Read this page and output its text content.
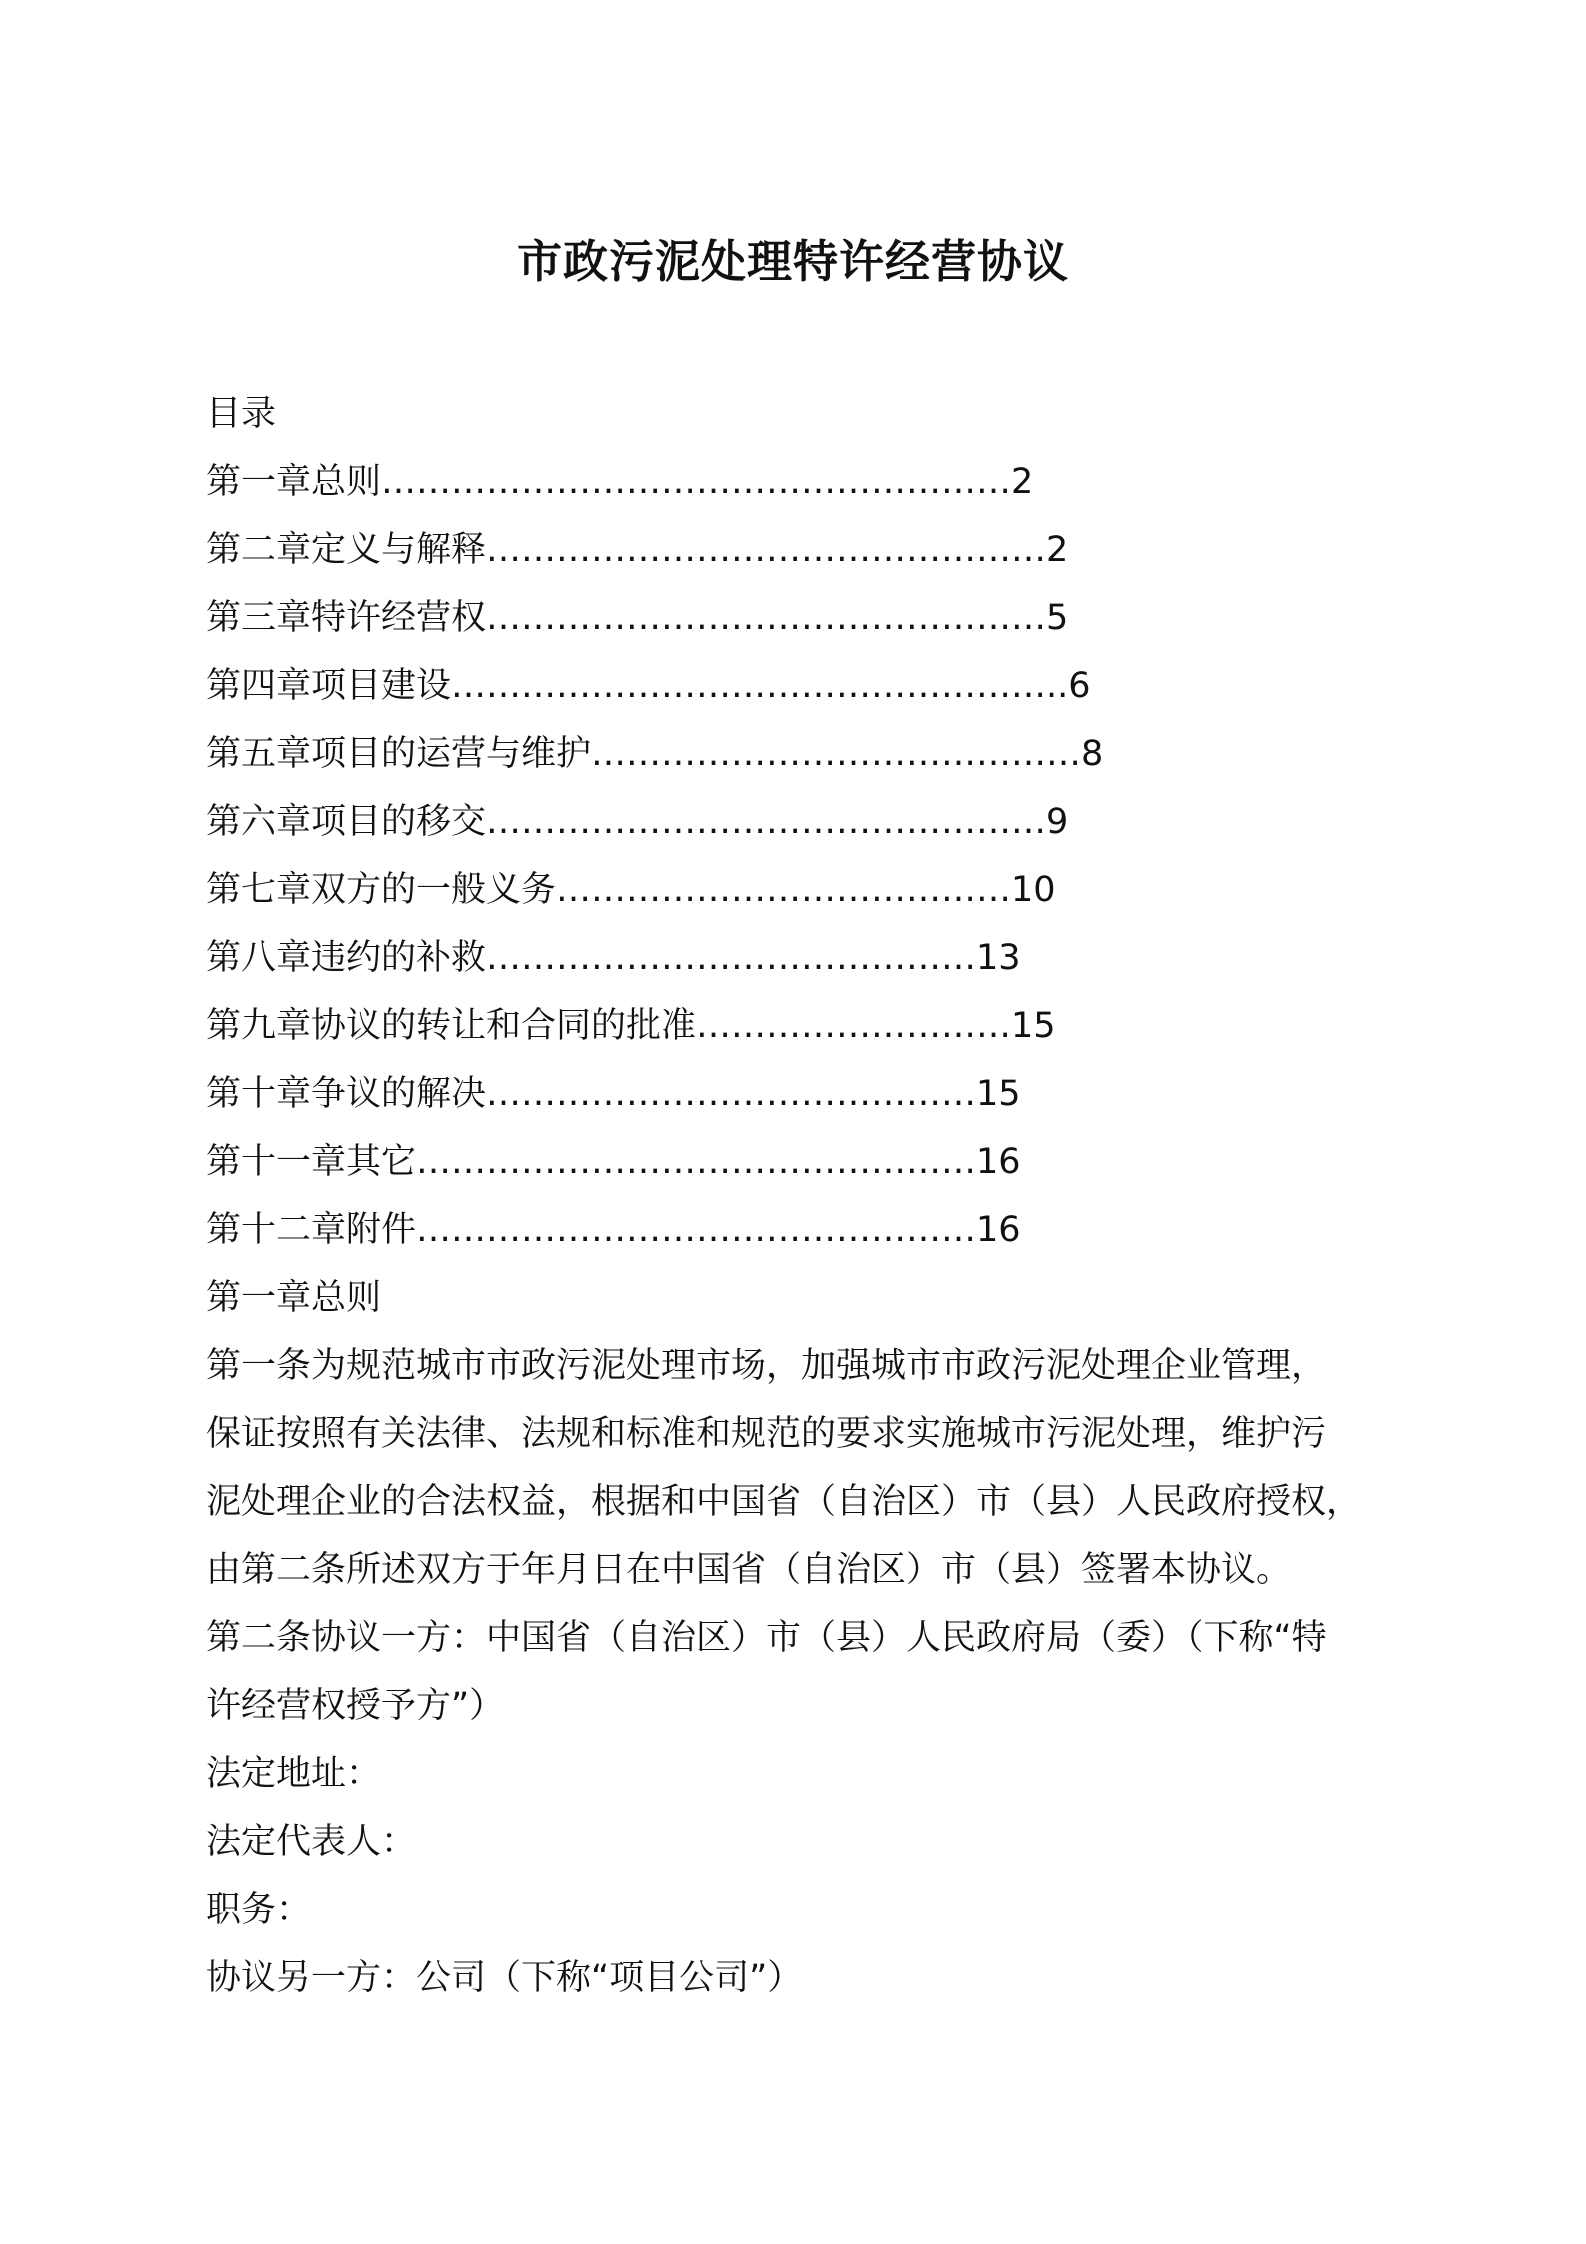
市政污泥处理特许经营协议
目录
第一章总则………………………………………………2
第二章定义与解释…………………………………………2
第三章特许经营权…………………………………………5
第四章项目建设……………………………………………..6
第五章项目的运营与维护……………………………………8
第六章项目的移交…………………………………………9
第七章双方的一般义务…………………………………10
第八章违约的补救……………………………………13
第九章协议的转让和合同的批准………………………15
第十章争议的解决……………………………………15
第十一章其它…………………………………………16
第十二章附件…………………………………………16
第一章总则
第一条为规范城市市政污泥处理市场，加强城市市政污泥处理企业管理，
保证按照有关法律、法规和标准和规范的要求实施城市污泥处理，维护污
泥处理企业的合法权益，根据和中国省（自治区）市（县）人民政府授权，
由第二条所述双方于年月日在中国省（自治区）市（县）签署本协议。
第二条协议一方：中国省（自治区）市（县）人民政府局（委）（下称“特
许经营权授予方”）
法定地址：
法定代表人：
职务：
协议另一方：公司（下称“项目公司”）
